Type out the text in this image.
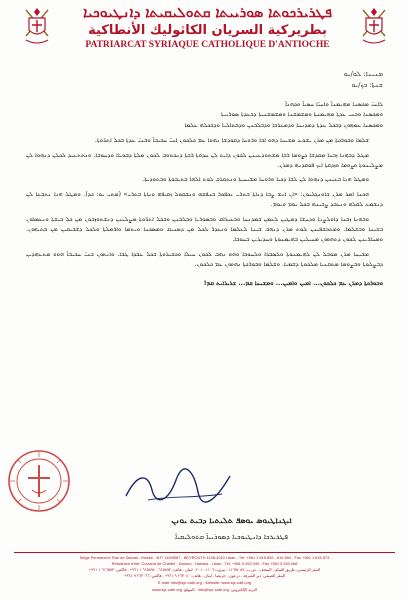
ܦܛܪܝܪܟܘܬܐ ܣܘܪܝܝܬܐ ܩܬܘܠܝܩܝܬܐ ܕܐܢܛܝܘܟܝܐ
بطريركية السريان الكاثوليك الأنطاكية
PATRIARCAT SYRIAQUE CATHOLIQUE D'ANTIOCHE
ܡܢܝܢܐ: ܠܘ/ܝܘ
ܫܢܬܐ: ܒܟ/ܝܘ
ܠܐܚܝ̈ ܡܟܣܢܐ ܡܗܝܡܢܐ̈ ܘܐܚܝ̈ܐ ܚܣܝܐ̈ ܘܟܗܢܐ̈
ܘܡܟܣܢܐ ܘܒܢܝ ܥܕܬܐ ܡܗܝܡܢܬܐ ܘܡܫܡܫܢܐ ܘܡܫܡܫܢܝܬܐ ܕܒܥܕܬܐ ܣܘܪܝܝܬܐ
ܘܡܟܣܢܐ ܥܡܗܘܢ ܕܒܟܠ ܥܕܬܐ ܕܡܕܢܚܐ ܘܕܡܥܪܒܐ ܘܕܒܠܒܢܢ ܘܕܒܬܐܠܝܐ ܘܕܒܟܠܗ ܥܠܡܐ

ܫܠܡܐ ܘܒܘܪܟܬܐ ܡܢ ܡܪܢ ܝܫܘܥ ܡܫܝܚܐ ܕܗܘ ܐܒܐ ܘܪܘܚܐ ܕܩܘܕܫܐ ܢܗܘܐ ܥܡ ܟܠܟܘܢ ܐܚܝ̈ ܚܒܝܒܐ̈ ܘܒܢܝ̈ ܥܕܬܐ ܒܟܠ ܐܬܪ̈ܘܬܐ.

ܡܛܠ ܕܒܗܢܐ ܙܒܢܐ ܡܩܕܫܐ ܕܨܘܡܐ ܪܒܐ ܡܫܬܘܕܥܝܢܢ ܠܟܘܢ ܕܐܝܬ ܠܢ ܚܕܘܬܐ ܪܒܬܐ ܕܢܟܬܘܒ ܠܟܘܢ ܡܠܬܐ ܕܒܘܝܐܐ ܘܕܚܘܒܐ. ܘܢܬܬܥܝܕ ܠܟܠܢ ܕܢܗܘܐ ܠܢ ܡܨܠܝܢܘܬܐ ܘܨܘܡܐ ܘܙܕܩܬܐ ܐܝܟ ܦܘܩܕܢܗ ܕܡܪܢ.

ܘܡܛܠ ܗܢܐ ܒܥܝܢܢ ܕܢܗܘܐ ܠܢ ܠܒܐ ܕܟܝܐ ܘܪܘܚܐ ܡܫܝܚܝܬܐ ܘܢܬܩܪܒ ܠܘܬ ܐܠܗܐ ܒܬܝܒܘܬܐ ܘܒܬܘܕܝܬܐ.

ܗܟܢܐ ܐܡܪ ܡܪܢ ܒܐܘܢܓܠܝܘܢ: «ܐܢ ܐܢܫ ܨܒܐ ܕܢܐܬܐ ܒܬܪܝ ܢܟܦܘܪ ܒܢܦܫܗ ܘܢܫܩܘܠ ܙܩܝܦܗ ܘܢܐܬܐ ܒܬܪܝ» (ܡܬܝ ܝܘ: ܟܕ). ܘܡܛܠ ܗܢܐ ܢܬܒܥܐ ܠܢ ܕܢܫܡܥ ܠܩܠܗ ܘܢܥܒܕ ܨܒܝܢܗ ܒܟܠ ܝܘܡ ܘܝܘܡ.

ܘܒܗܢܐ ܙܒܢܐ ܕܐܘܠܨܢܐ ܘܕܚܫܐ ܕܡܛܝܢ ܠܥܡܢ ܒܡܕܢܚܐ ܘܒܥܝܪܐܩ ܘܒܣܘܪܝܐ ܘܒܠܒܢܢ ܘܒܟܠ ܐܬܪ̈ܘܬܐ ܡܨܠܝܢܢ ܕܢܫܬܘܙܒܘܢ ܡܢ ܟܠ ܒܝܫܬܐ ܘܢܥܡܪܘܢ ܒܫܝܢܐ ܘܒܫܠܡܐ. ܘܡܬܟܫܦܝܢܢ ܠܘܬ ܡܪܢ ܕܢܗܒ ܫܝܢܐ ܠܥܠܡܐ ܘܢܥܕܪ ܠܟܠ ܡܢ ܕܣܢܝܩ ܘܡܣܟܢܐ ܘܝܬܡܐ ܘܐܪܡܠܬܐ ܘܠܟܠ ܕܫܒܝܩܝܢ ܡܢ ܒܬܝܗܘܢ. ܘܡܚܐܪܝܢܢ ܠܟܘܢ ܕܬܗܘܘܢ ܡܚܝܠܝܢ ܒܗܝܡܢܘܬܐ ܘܚܕܝܪܝܢ ܒܚܘܒܐ.

ܡܫܝܚܐ ܡܪܢ ܡܘܒܠ ܠܢ ܠܗܝܡܢܘܬܐ ܘܠܣܒܪܐ ܘܠܚܘܒܐ ܘܗܘ ܢܗܒ ܠܟܘܢ ܚܝܠܐ ܘܟܫܝܪܘܬܐ ܒܟܠ ܥܒܕܐ ܛܒܐ. ܘܐܢܬܘܢ ܒܢܝ̈ ܚܒܝܒܐ̈ ܗܘܘ ܡܬܥܗܕܝܢ ܕܒܨܠܘܬܐ ܘܒܨܘܡܐ ܡܬܩܢܝܐ ܡܠܟܘܬܐ ܕܫܡܝܐ. ܘܫܠܡܐ ܘܒܘܪܟܬܐ ܢܗܘܘܢ ܥܡ ܟܠܟܘܢ.

ܘܒܘܪܟܬܐ ܕܡܪܢ ܥܡ ܟܠܟܘܢ... ܐܡܝܢ ܘܐܡܝܢ... ܘܡܫܝܚܐ ܩܡ... ܫܪܝܪܐܝܬ ܩܡ!
ܐܝܓܢܐܛܝܘܣ ܝܘܣܦ ܬܠܝܬܝܐ ܕܒܝܬ ܝܘܢܢ
ܦܛܪܝܪܟܐ ܕܐܢܛܝܘܟܝܐ ܕܣܘܪܝܝܐ̈ ܩܬܘܠܝܩܝܐ̈
Siège Permanent: Rue de Damas - Musée - B.P. 116/5087 - BEYROUTH 1106-2010 Liban - Tél. +961 1 615 892 - 615 894 - Fax +961 1 616 573
Résidence d'été: Couvent de Charfet - Daroun - Harissa - Liban - Tél. +961 9 263 040 - Fax +961 9 263 066
المقر الرئيسي: طريق الشام - المتحف - ص.ب. ١١٦/٥٠٨٧ - بيروت ١١٠٦-٢٠١٠ - لبنان - هاتف: ٦١٥٨٩٢ - ٦١٥٨٩٤ ١ ٩٦١+ - فاكس: ٦١٦٥٧٣ ١ ٩٦١+
المقر الصيفي: دير الشرفة - درعون - حريصا - لبنان - هاتف: ٢٦٣٠٤٠ ٩ ٩٦١+ - فاكس: ٢٦٣٠٦٦ ٩ ٩٦١+
E-mail: info@syr-cath.org - Website: www.syr-cath.org
البريد الإلكتروني: info@syr-cath.org - الموقع: www.syr-cath.org
